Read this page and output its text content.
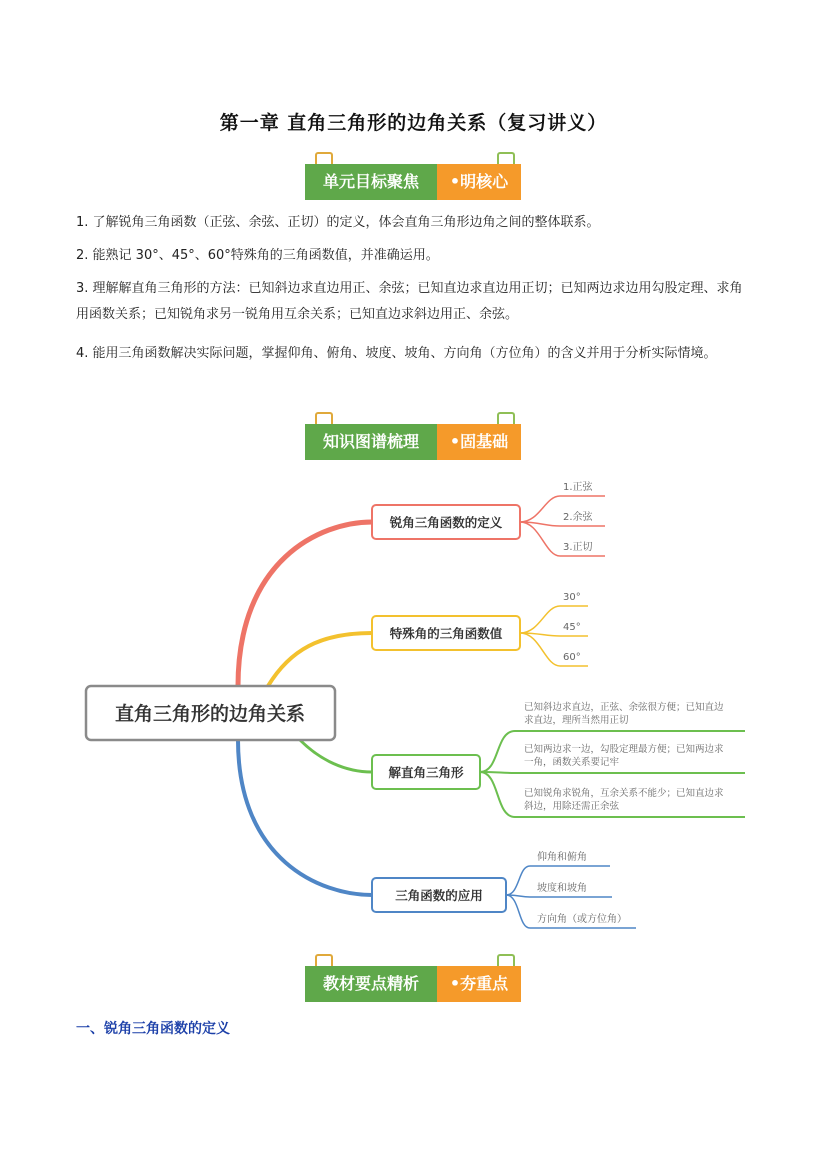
第一章 直角三角形的边角关系（复习讲义）
单元目标聚焦	•明核心
1. 了解锐角三角函数（正弦、余弦、正切）的定义，体会直角三角形边角之间的整体联系。
2. 能熟记 30°、45°、60°特殊角的三角函数值，并准确运用。
3. 理解解直角三角形的方法：已知斜边求直边用正、余弦；已知直边求直边用正切；已知两边求边用勾股定理、求角用函数关系；已知锐角求另一锐角用互余关系；已知直边求斜边用正、余弦。
4. 能用三角函数解决实际问题，掌握仰角、俯角、坡度、坡角、方向角（方位角）的含义并用于分析实际情境。
知识图谱梳理	•固基础
直角三角形的边角关系
锐角三角函数的定义
特殊角的三角函数值
解直角三角形
三角函数的应用
1.正弦
2.余弦
3.正切
30°
45°
60°
已知斜边求直边，正弦、余弦很方便；已知直边
求直边，理所当然用正切
已知两边求一边，勾股定理最方便；已知两边求
一角，函数关系要记牢
已知锐角求锐角，互余关系不能少；已知直边求
斜边，用除还需正余弦
仰角和俯角
坡度和坡角
方向角（或方位角）
教材要点精析	•夯重点
一、锐角三角函数的定义
